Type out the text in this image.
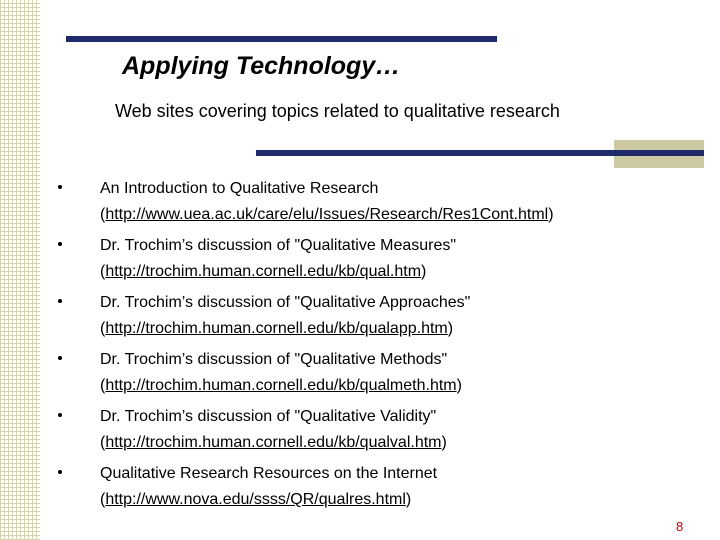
Applying Technology…
Web sites covering topics related to qualitative research
An Introduction to Qualitative Research
(http://www.uea.ac.uk/care/elu/Issues/Research/Res1Cont.html)
Dr. Trochim’s discussion of "Qualitative Measures"
(http://trochim.human.cornell.edu/kb/qual.htm)
Dr. Trochim’s discussion of "Qualitative Approaches"
(http://trochim.human.cornell.edu/kb/qualapp.htm)
Dr. Trochim’s discussion of "Qualitative Methods"
(http://trochim.human.cornell.edu/kb/qualmeth.htm)
Dr. Trochim’s discussion of "Qualitative Validity"
(http://trochim.human.cornell.edu/kb/qualval.htm)
Qualitative Research Resources on the Internet
(http://www.nova.edu/ssss/QR/qualres.html)
8
